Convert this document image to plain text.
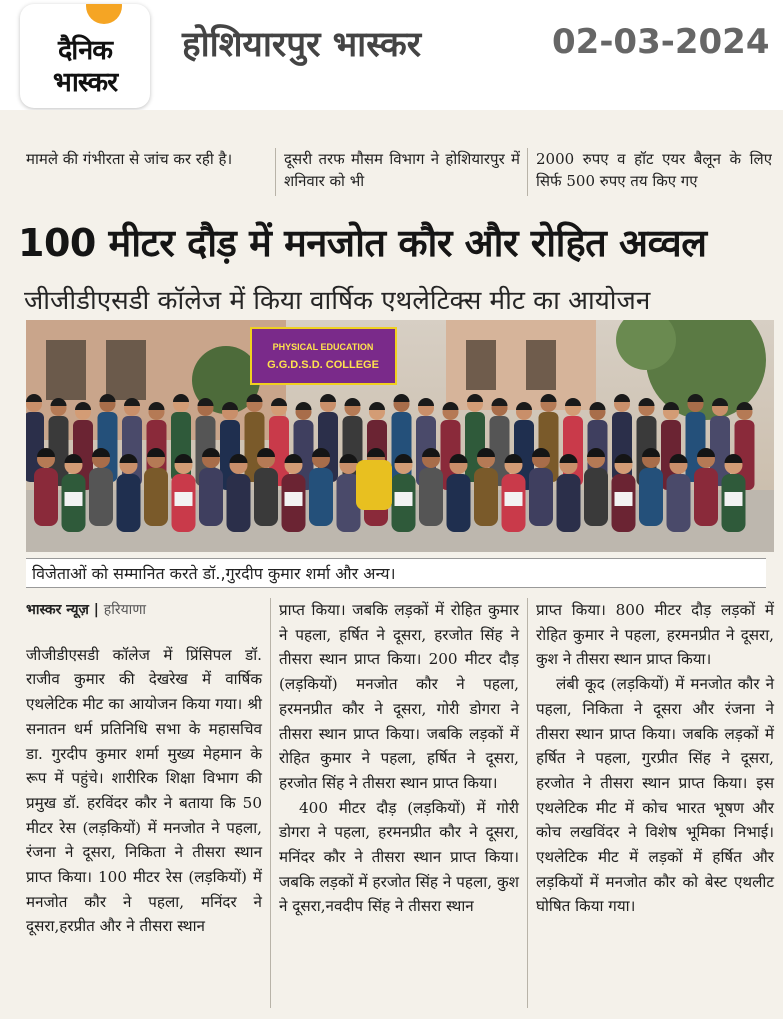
दैनिक
भास्कर
होशियारपुर भास्कर	02-03-2024
मामले की गंभीरता से जांच कर रही है।	दूसरी तरफ मौसम विभाग ने होशियारपुर में शनिवार को भी
2000 रुपए व हॉट एयर बैलून के लिए सिर्फ 500 रुपए तय किए गए
100 मीटर दौड़ में मनजोत कौर और रोहित अव्वल
जीजीडीएसडी कॉलेज में किया वार्षिक एथलेटिक्स मीट का आयोजन
PHYSICAL EDUCATION
G.G.D.S.D. COLLEGE
विजेताओं को सम्मानित करते डॉ.,गुरदीप कुमार शर्मा और अन्य।

भास्कर न्यूज़ | हरियाणा

जीजीडीएसडी कॉलेज में प्रिंसिपल डॉ. राजीव कुमार की देखरेख में वार्षिक एथलेटिक मीट का आयोजन किया गया। श्री सनातन धर्म प्रतिनिधि सभा के महासचिव डा. गुरदीप कुमार शर्मा मुख्य मेहमान के रूप में पहुंचे। शारीरिक शिक्षा विभाग की प्रमुख डॉ. हरविंदर कौर ने बताया कि 50 मीटर रेस (लड़कियों) में मनजोत ने पहला, रंजना ने दूसरा, निकिता ने तीसरा स्थान प्राप्त किया। 100 मीटर रेस (लड़कियों) में मनजोत कौर ने पहला, मनिंदर ने दूसरा,हरप्रीत और ने तीसरा स्थान

प्राप्त किया। जबकि लड़कों में रोहित कुमार ने पहला, हर्षित ने दूसरा, हरजोत सिंह ने तीसरा स्थान प्राप्त किया। 200 मीटर दौड़ (लड़कियों) मनजोत कौर ने पहला, हरमनप्रीत कौर ने दूसरा, गोरी डोगरा ने तीसरा स्थान प्राप्त किया। जबकि लड़कों में रोहित कुमार ने पहला, हर्षित ने दूसरा, हरजोत सिंह ने तीसरा स्थान प्राप्त किया।

400 मीटर दौड़ (लड़कियों) में गोरी डोगरा ने पहला, हरमनप्रीत कौर ने दूसरा, मनिंदर कौर ने तीसरा स्थान प्राप्त किया। जबकि लड़कों में हरजोत सिंह ने पहला, कुश ने दूसरा,नवदीप सिंह ने तीसरा स्थान

प्राप्त किया। 800 मीटर दौड़ लड़कों में रोहित कुमार ने पहला, हरमनप्रीत ने दूसरा, कुश ने तीसरा स्थान प्राप्त किया।

लंबी कूद (लड़कियों) में मनजोत कौर ने पहला, निकिता ने दूसरा और रंजना ने तीसरा स्थान प्राप्त किया। जबकि लड़कों में हर्षित ने पहला, गुरप्रीत सिंह ने दूसरा, हरजोत ने तीसरा स्थान प्राप्त किया। इस एथलेटिक मीट में कोच भारत भूषण और कोच लखविंदर ने विशेष भूमिका निभाई।एथलेटिक मीट में लड़कों में हर्षित और लड़कियों में मनजोत कौर को बेस्ट एथलीट घोषित किया गया।
